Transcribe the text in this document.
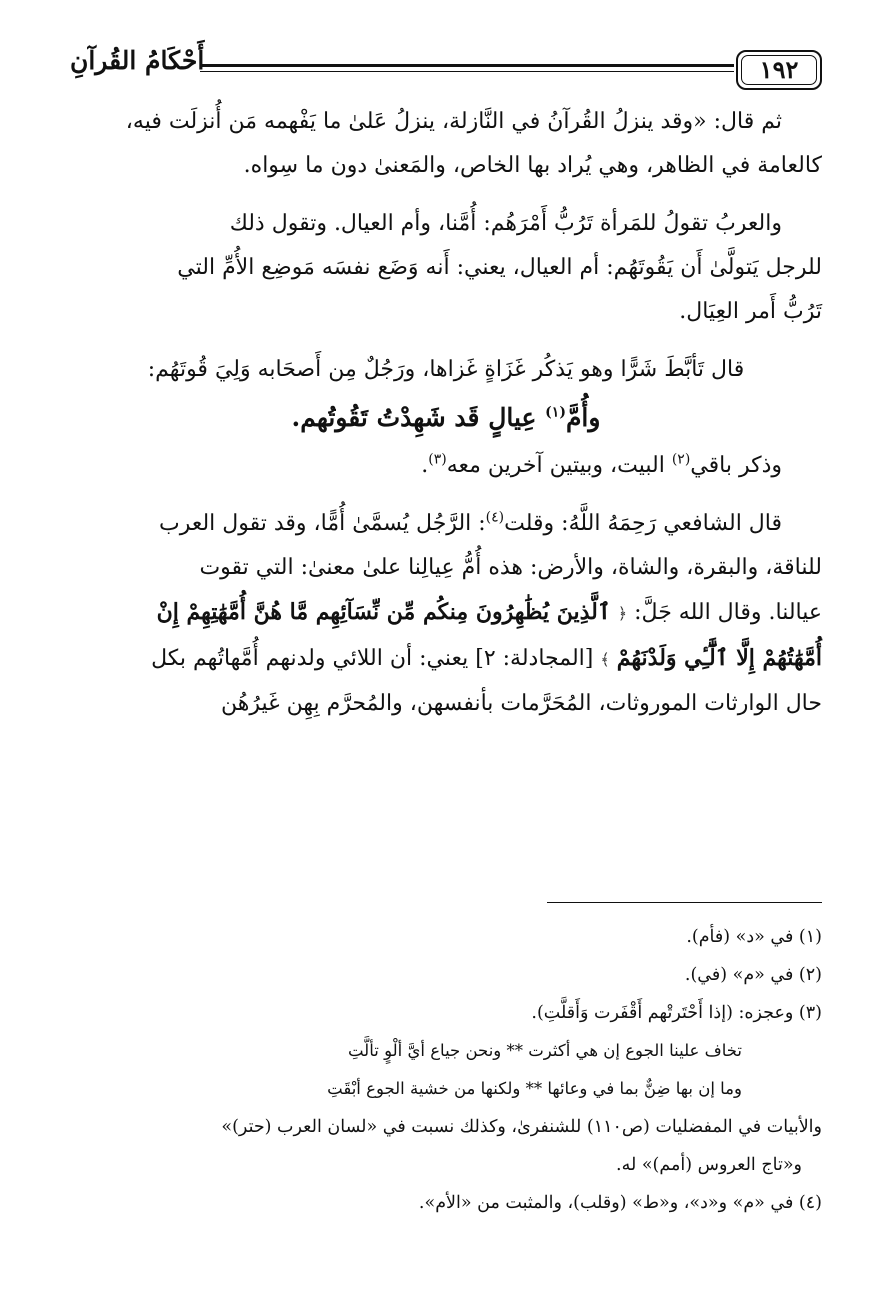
١٩٢
أَحْكَامُ القُرآنِ

ثم قال: «وقد ينزلُ القُرآنُ في النَّازلة، ينزلُ عَلىٰ ما يَفْهمه مَن أُنزلَت فيه،

كالعامة في الظاهر، وهي يُراد بها الخاص، والمَعنىٰ دون ما سِواه.

والعربُ تقولُ للمَرأة تَرُبُّ أَمْرَهُم: أُمَّنا، وأم العيال. وتقول ذلك

للرجل يَتولَّىٰ أَن يَقُوتَهُم: أم العيال، يعني: أَنه وَضَع نفسَه مَوضِع الأُمِّ التي

تَرُبُّ أَمر العِيَال.

قال تَأبَّطَ شَرًّا وهو يَذكُر غَزَاةٍ غَزاها، ورَجُلٌ مِن أَصحَابه وَلِيَ قُوتَهُم:

وأُمَّ$^{(١)}$ عِيالٍ قَد شَهِدْتُ تَقُوتُهم.

وذكر باقي$^{(٢)}$ البيت، وبيتين آخرين معه$^{(٣)}$.

قال الشافعي رَحِمَهُ اللَّهُ: وقلت$^{(٤)}$: الرَّجُل يُسمَّىٰ أُمًّا، وقد تقول العرب

للناقة، والبقرة، والشاة، والأرض: هذه أُمُّ عِيالِنا علىٰ معنىٰ: التي تقوت

عيالنا. وقال الله جَلَّ: ﴿ ٱلَّذِينَ يُظَٰهِرُونَ مِنكُم مِّن نِّسَآئِهِم مَّا هُنَّ أُمَّهَٰتِهِمْ إِنْ

أُمَّهَٰتُهُمْ إِلَّا ٱلَّٰٓـِٔي وَلَدْنَهُمْ ﴾ [المجادلة: ٢] يعني: أن اللائي ولدنهم أُمَّهاتُهم بكل

حال الوارثات الموروثات، المُحَرَّمات بأنفسهن، والمُحرَّم بِهِن غَيرُهُن

(١) في «د» (فأم).

(٢) في «م» (في).

(٣) وعجزه: (إذا أَحْتَرتْهم أَقْفَرت وَأَقلَّتِ).

تخاف علينا الجوع إن هي أكثرت ** ونحن جياع أيَّ ألْوٍ تألَّتِ

وما إن بها ضِنٌّ بما في وعائها ** ولكنها من خشية الجوع أبْقَتِ

والأبيات في المفضليات (ص١١٠) للشنفرىٰ، وكذلك نسبت في «لسان العرب (حتر)»

و«تاج العروس (أمم)» له.

(٤) في «م» و«د»، و«ط» (وقلب)، والمثبت من «الأم».
